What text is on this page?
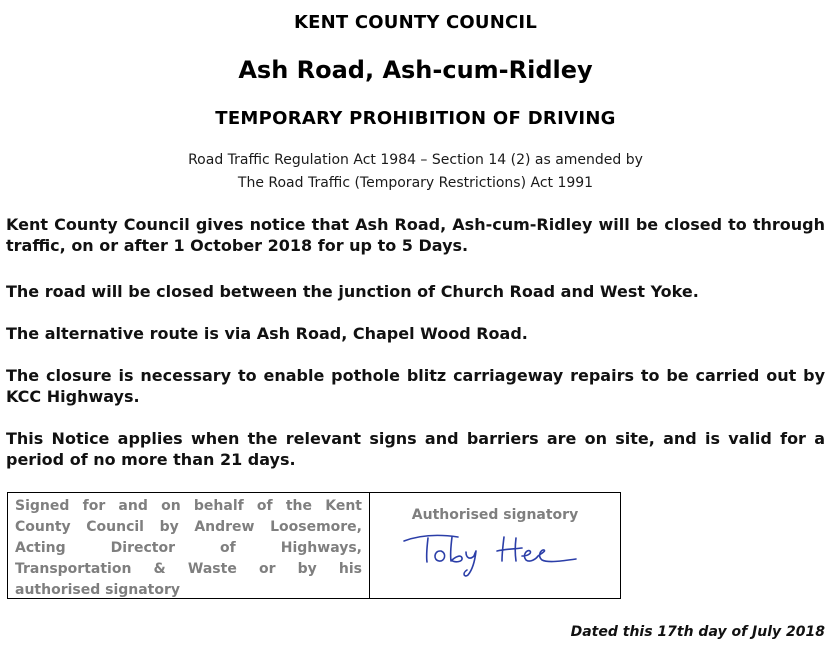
KENT COUNTY COUNCIL
Ash Road, Ash-cum-Ridley
TEMPORARY PROHIBITION OF DRIVING
Road Traffic Regulation Act 1984 – Section 14 (2) as amended by
The Road Traffic (Temporary Restrictions) Act 1991
Kent County Council gives notice that Ash Road, Ash-cum-Ridley will be closed to through traffic, on or after 1 October 2018 for up to 5 Days.
The road will be closed between the junction of Church Road and West Yoke.
The alternative route is via Ash Road, Chapel Wood Road.
The closure is necessary to enable pothole blitz carriageway repairs to be carried out by KCC Highways.
This Notice applies when the relevant signs and barriers are on site, and is valid for a period of no more than 21 days.
Signed for and on behalf of the Kent County Council by Andrew Loosemore, Acting Director of Highways, Transportation & Waste or by his authorised signatory
Authorised signatory
Dated this 17th day of July 2018
